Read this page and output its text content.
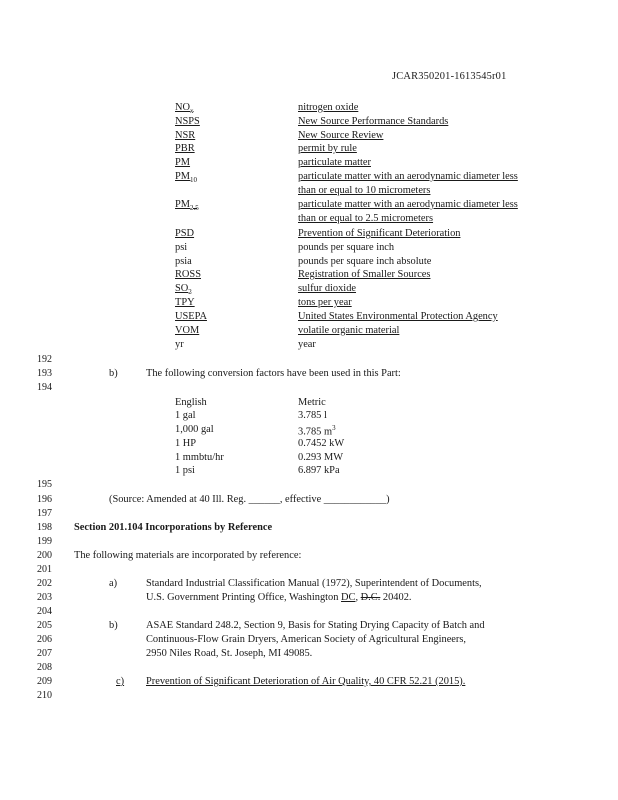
JCAR350201-1613545r01
$NO_x$	nitrogen oxide
NSPS	New Source Performance Standards
NSR	New Source Review
PBR	permit by rule
PM	particulate matter
$PM_{10}$	particulate matter with an aerodynamic diameter less
than or equal to 10 micrometers
$PM_{2.5}$	particulate matter with an aerodynamic diameter less
than or equal to 2.5 micrometers
PSD	Prevention of Significant Deterioration
psi	pounds per square inch
psia	pounds per square inch absolute
ROSS	Registration of Smaller Sources
$SO_2$	sulfur dioxide
TPY	tons per year
USEPA	United States Environmental Protection Agency
VOM	volatile organic material
yr	year
192
193
194
195
196
197
198
199
200
201
202
203
204
205
206
207
208
209
210
b)	The following conversion factors have been used in this Part:
English	Metric
1 gal	3.785 l
1,000 gal	3.785 $m^3$
1 HP	0.7452 kW
1 mmbtu/hr	0.293 MW
1 psi	6.897 kPa
(Source: Amended at 40 Ill. Reg. ______, effective ____________)
Section 201.104 Incorporations by Reference
The following materials are incorporated by reference:
a)	Standard Industrial Classification Manual (1972), Superintendent of Documents,
U.S. Government Printing Office, Washington DC, D.C. 20402.
b)	ASAE Standard 248.2, Section 9, Basis for Stating Drying Capacity of Batch and
Continuous-Flow Grain Dryers, American Society of Agricultural Engineers,
2950 Niles Road, St. Joseph, MI 49085.
c) Prevention of Significant Deterioration of Air Quality, 40 CFR 52.21 (2015).
